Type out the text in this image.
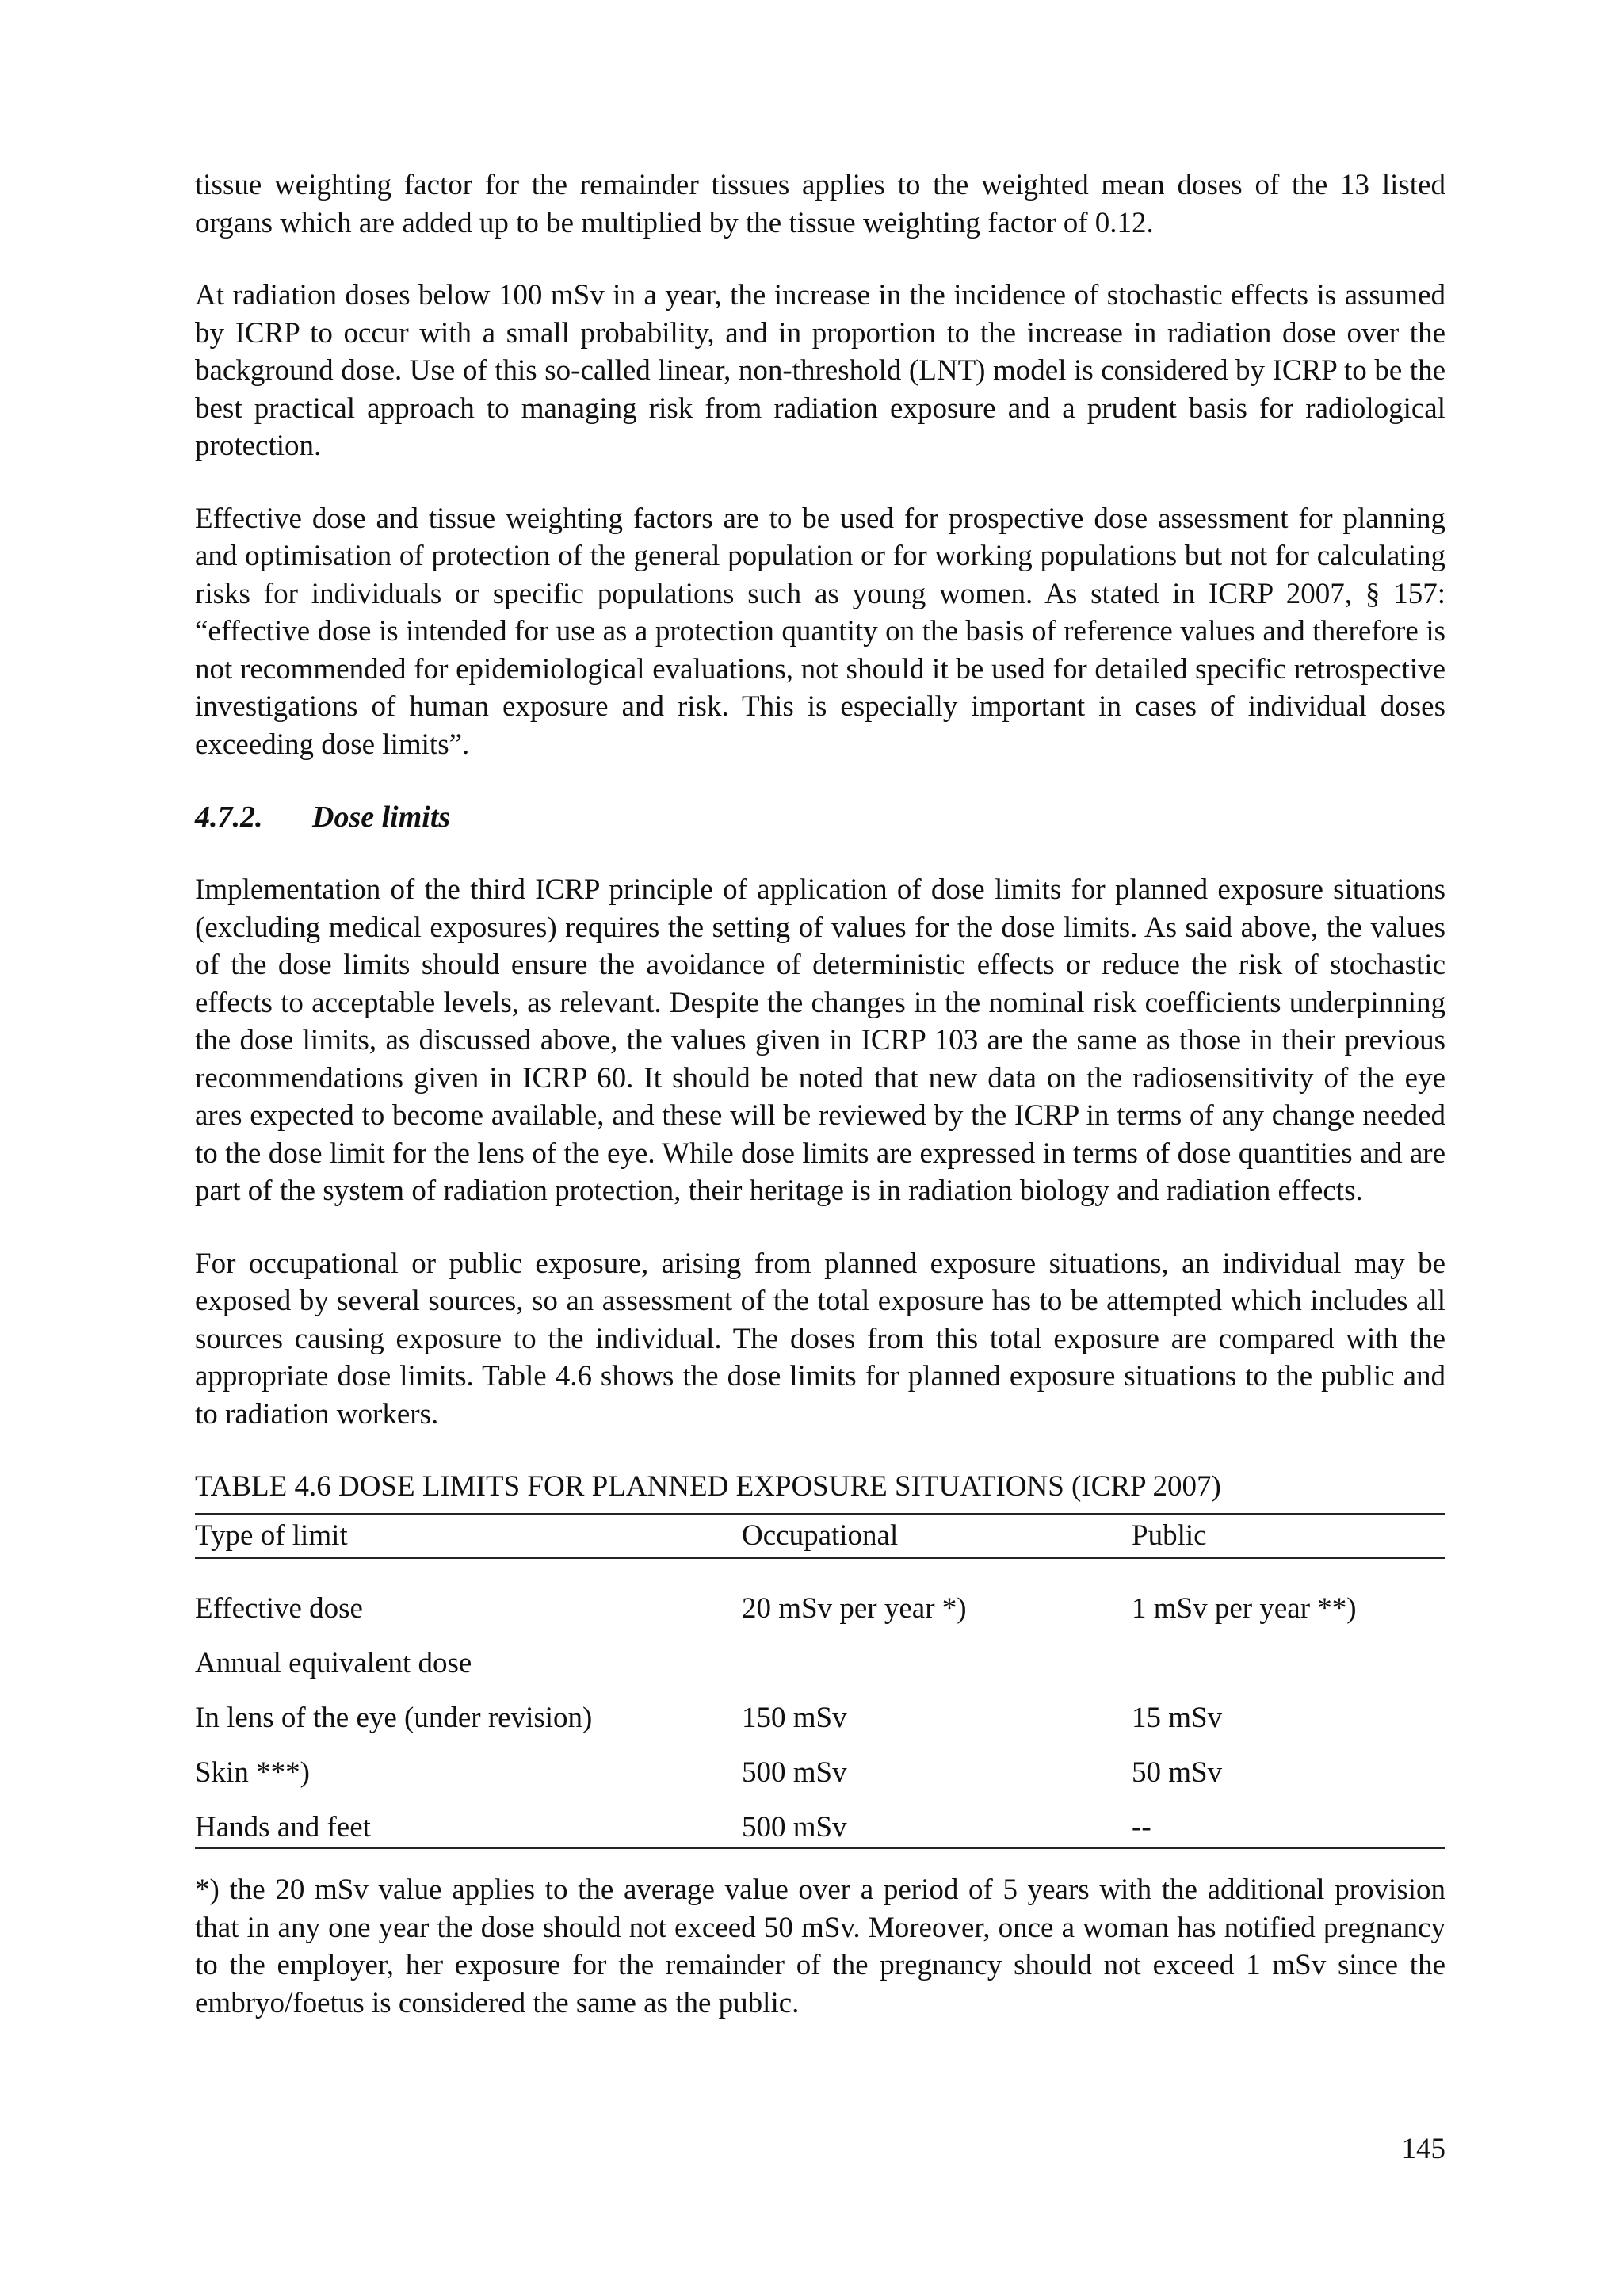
tissue weighting factor for the remainder tissues applies to the weighted mean doses of the 13 listed organs which are added up to be multiplied by the tissue weighting factor of 0.12.

At radiation doses below 100 mSv in a year, the increase in the incidence of stochastic effects is assumed by ICRP to occur with a small probability, and in proportion to the increase in radiation dose over the background dose. Use of this so-called linear, non-threshold (LNT) model is considered by ICRP to be the best practical approach to managing risk from radiation exposure and a prudent basis for radiological protection.

Effective dose and tissue weighting factors are to be used for prospective dose assessment for planning and optimisation of protection of the general population or for working populations but not for calculating risks for individuals or specific populations such as young women. As stated in ICRP 2007, § 157: “effective dose is intended for use as a protection quantity on the basis of reference values and therefore is not recommended for epidemiological evaluations, not should it be used for detailed specific retrospective investigations of human exposure and risk. This is especially important in cases of individual doses exceeding dose limits”.

4.7.2. Dose limits

Implementation of the third ICRP principle of application of dose limits for planned exposure situations (excluding medical exposures) requires the setting of values for the dose limits. As said above, the values of the dose limits should ensure the avoidance of deterministic effects or reduce the risk of stochastic effects to acceptable levels, as relevant. Despite the changes in the nominal risk coefficients underpinning the dose limits, as discussed above, the values given in ICRP 103 are the same as those in their previous recommendations given in ICRP 60. It should be noted that new data on the radiosensitivity of the eye ares expected to become available, and these will be reviewed by the ICRP in terms of any change needed to the dose limit for the lens of the eye. While dose limits are expressed in terms of dose quantities and are part of the system of radiation protection, their heritage is in radiation biology and radiation effects.

For occupational or public exposure, arising from planned exposure situations, an individual may be exposed by several sources, so an assessment of the total exposure has to be attempted which includes all sources causing exposure to the individual. The doses from this total exposure are compared with the appropriate dose limits. Table 4.6 shows the dose limits for planned exposure situations to the public and to radiation workers.

TABLE 4.6 DOSE LIMITS FOR PLANNED EXPOSURE SITUATIONS (ICRP 2007)
Type of limit	Occupational	Public
Effective dose	20 mSv per year *)	1 mSv per year **)
Annual equivalent dose		
In lens of the eye (under revision)	150 mSv	15 mSv
Skin ***)	500 mSv	50 mSv
Hands and feet	500 mSv	--

*) the 20 mSv value applies to the average value over a period of 5 years with the additional provision that in any one year the dose should not exceed 50 mSv. Moreover, once a woman has notified pregnancy to the employer, her exposure for the remainder of the pregnancy should not exceed 1 mSv since the embryo/foetus is considered the same as the public.

145
